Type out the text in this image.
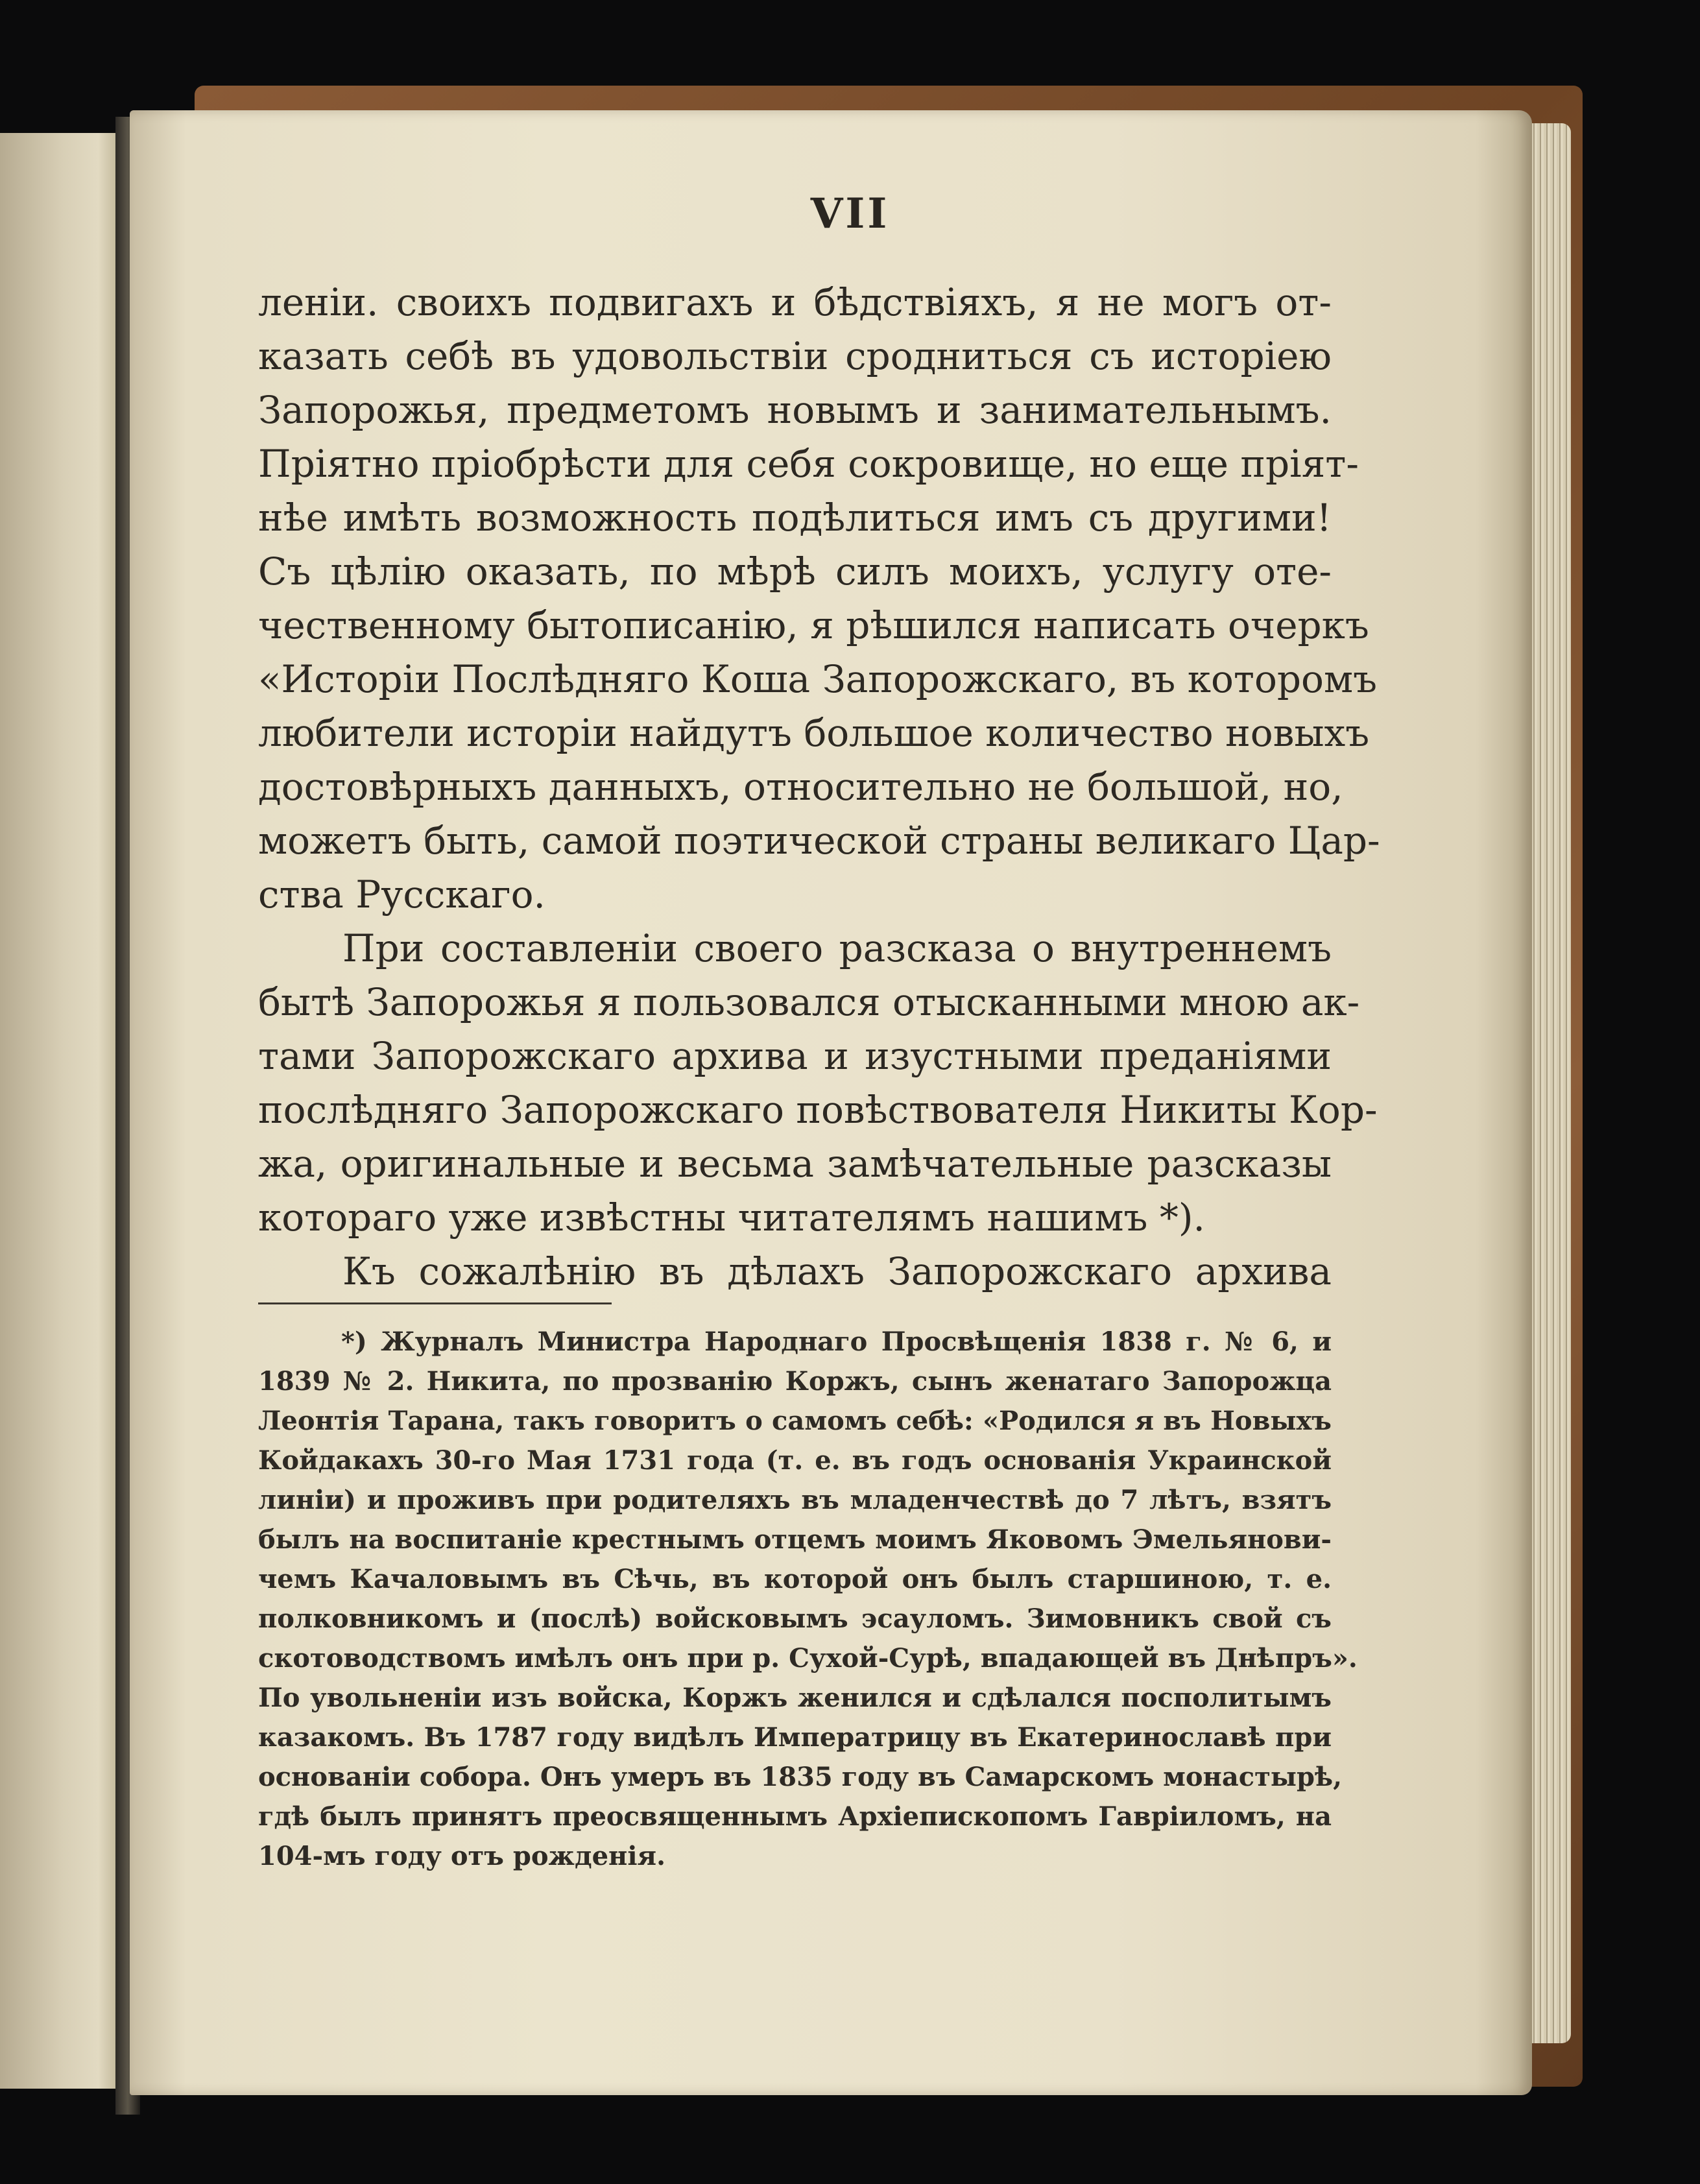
VII
леніи. своихъ подвигахъ и бѣдствіяхъ, я не могъ от-
казать себѣ въ удовольствіи сродниться съ исторіею
Запорожья, предметомъ новымъ и занимательнымъ.
Пріятно пріобрѣсти для себя сокровище, но еще пріят-
нѣе имѣть возможность подѣлиться имъ съ другими!
Съ цѣлію оказать, по мѣрѣ силъ моихъ, услугу оте-
чественному бытописанію, я рѣшился написать очеркъ
«Исторіи Послѣдняго Коша Запорожскаго, въ которомъ
любители исторіи найдутъ большое количество новыхъ
достовѣрныхъ данныхъ, относительно не большой, но,
можетъ быть, самой поэтической страны великаго Цар-
ства Русскаго.
При составленіи своего разсказа о внутреннемъ
бытѣ Запорожья я пользовался отысканными мною ак-
тами Запорожскаго архива и изустными преданіями
послѣдняго Запорожскаго повѣствователя Никиты Кор-
жа, оригинальные и весьма замѣчательные разсказы
котораго уже извѣстны читателямъ нашимъ *).
Къ сожалѣнію въ дѣлахъ Запорожскаго архива
*) Журналъ Министра Народнаго Просвѣщенія 1838 г. № 6, и
1839 № 2. Никита, по прозванію Коржъ, сынъ женатаго Запорожца
Леонтія Тарана, такъ говоритъ о самомъ себѣ: «Родился я въ Новыхъ
Койдакахъ 30-го Мая 1731 года (т. е. въ годъ основанія Украинской
линіи) и проживъ при родителяхъ въ младенчествѣ до 7 лѣтъ, взятъ
былъ на воспитаніе крестнымъ отцемъ моимъ Яковомъ Эмельянови-
чемъ Качаловымъ въ Сѣчь, въ которой онъ былъ старшиною, т. е.
полковникомъ и (послѣ) войсковымъ эсауломъ. Зимовникъ свой съ
скотоводствомъ имѣлъ онъ при р. Сухой-Сурѣ, впадающей въ Днѣпръ».
По увольненіи изъ войска, Коржъ женился и сдѣлался посполитымъ
казакомъ. Въ 1787 году видѣлъ Императрицу въ Екатеринославѣ при
основаніи собора. Онъ умеръ въ 1835 году въ Самарскомъ монастырѣ,
гдѣ былъ принятъ преосвященнымъ Архіепископомъ Гавріиломъ, на
104-мъ году отъ рожденія.
